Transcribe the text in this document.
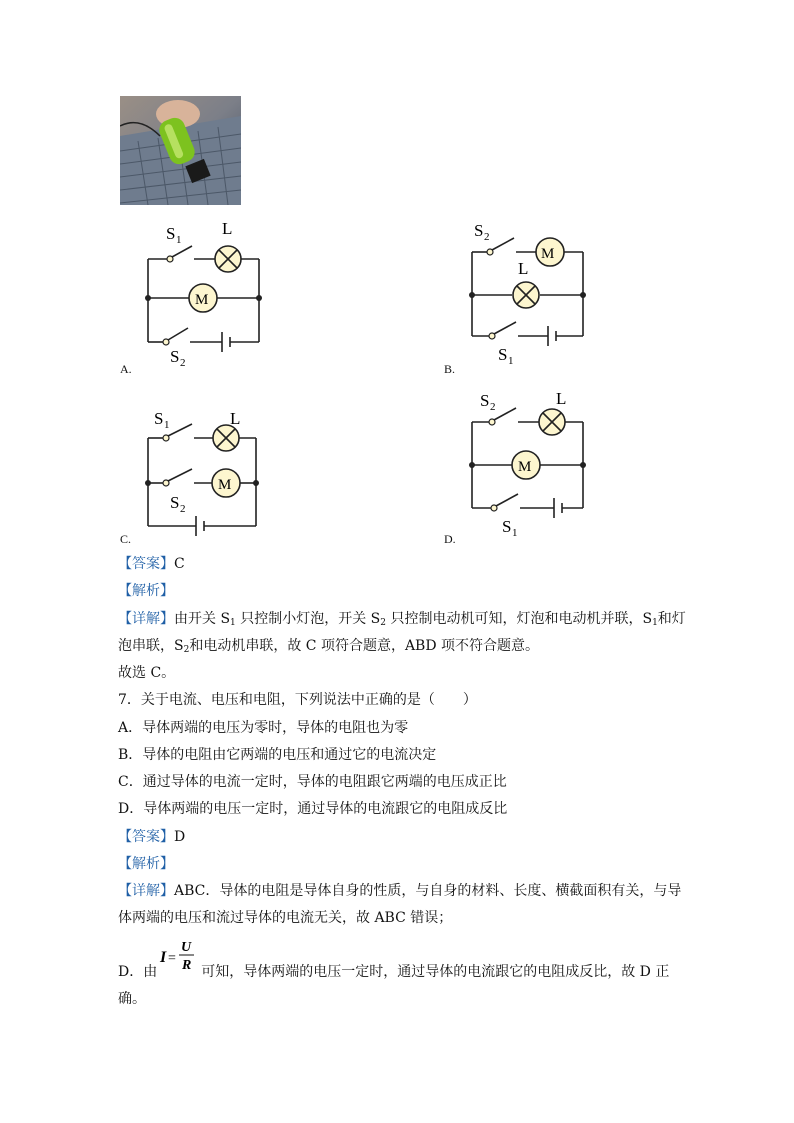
S 1
L
M
S 2
A.
S 2
M
L
S 1
B.
S 1	L
M
S 2
C.
S 2	L
M
S 1
D.
【答案】C
【解析】
【详解】由开关 $S_1$ 只控制小灯泡，开关 $S_2$ 只控制电动机可知，灯泡和电动机并联，$S_1$和灯
泡串联，$S_2$和电动机串联，故 C 项符合题意，ABD 项不符合题意。
故选 C。
7．关于电流、电压和电阻，下列说法中正确的是（　　）
A．导体两端的电压为零时，导体的电阻也为零
B．导体的电阻由它两端的电压和通过它的电流决定
C．通过导体的电流一定时，导体的电阻跟它两端的电压成正比
D．导体两端的电压一定时，通过导体的电流跟它的电阻成反比
【答案】D
【解析】
【详解】ABC．导体的电阻是导体自身的性质，与自身的材料、长度、横截面积有关，与导
体两端的电压和流过导体的电流无关，故 ABC 错误；
I =
U
R
D．由	可知，导体两端的电压一定时，通过导体的电流跟它的电阻成反比，故 D 正
确。
